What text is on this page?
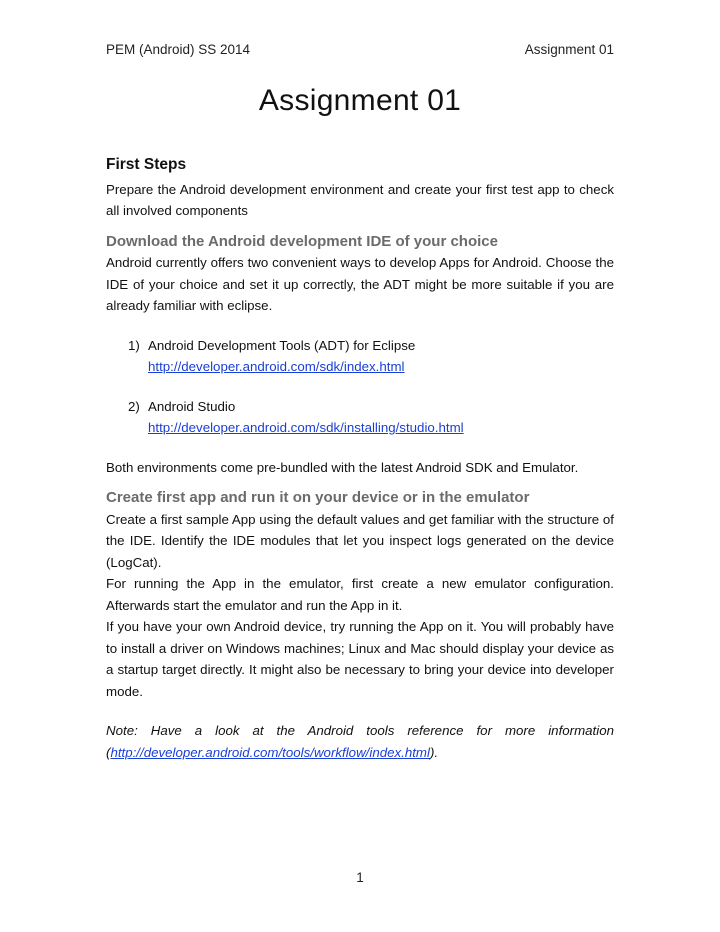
PEM (Android) SS 2014	Assignment 01
Assignment 01

First Steps

Prepare the Android development environment and create your first test app to check all involved components

Download the Android development IDE of your choice

Android currently offers two convenient ways to develop Apps for Android. Choose the IDE of your choice and set it up correctly, the ADT might be more suitable if you are already familiar with eclipse.

1) Android Development Tools (ADT) for Eclipse
http://developer.android.com/sdk/index.html
2) Android Studio
http://developer.android.com/sdk/installing/studio.html

Both environments come pre-bundled with the latest Android SDK and Emulator.

Create first app and run it on your device or in the emulator

Create a first sample App using the default values and get familiar with the structure of the IDE. Identify the IDE modules that let you inspect logs generated on the device (LogCat).

For running the App in the emulator, first create a new emulator configuration. Afterwards start the emulator and run the App in it.

If you have your own Android device, try running the App on it. You will probably have to install a driver on Windows machines; Linux and Mac should display your device as a startup target directly. It might also be necessary to bring your device into developer mode.

Note: Have a look at the Android tools reference for more information (http://developer.android.com/tools/workflow/index.html).

1
